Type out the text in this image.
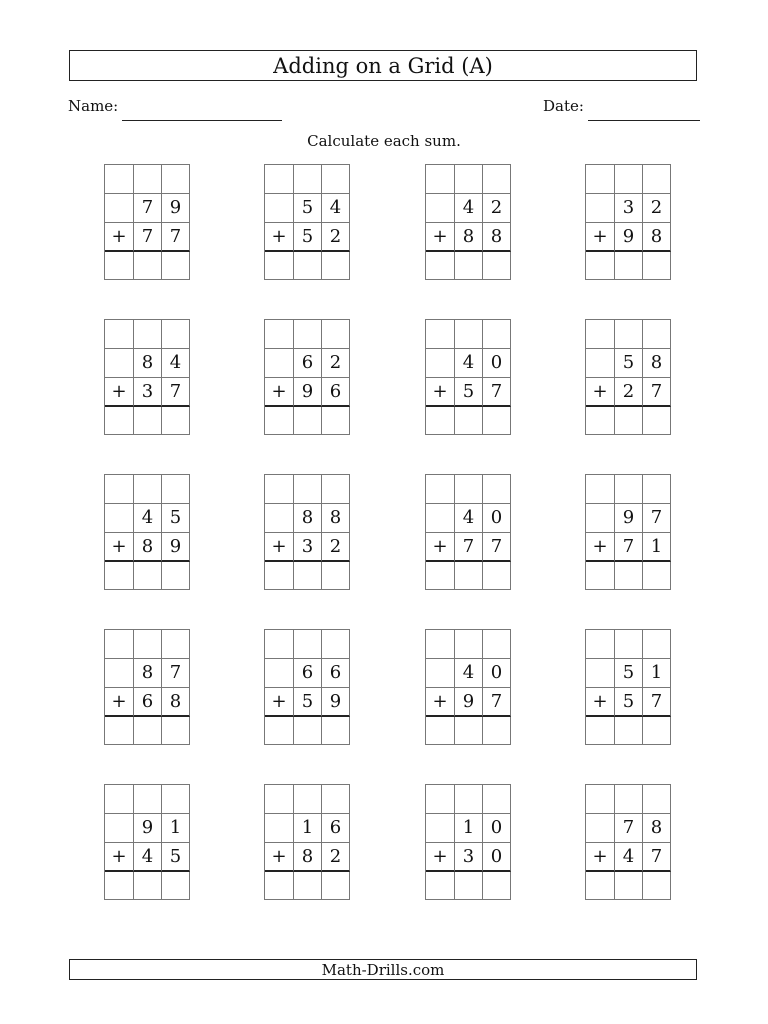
Adding on a Grid (A)
Name:	Date:
Calculate each sum.
7 9
+ 7 7
5 4
+ 5 2
4 2
+ 8 8
3 2
+ 9 8
8 4
+ 3 7
6 2
+ 9 6
4 0
+ 5 7
5 8
+ 2 7
4 5
+ 8 9
8 8
+ 3 2
4 0
+ 7 7
9 7
+ 7 1
8 7
+ 6 8
6 6
+ 5 9
4 0
+ 9 7
5 1
+ 5 7
9 1
+ 4 5
1 6
+ 8 2
1 0
+ 3 0
7 8
+ 4 7
Math-Drills.com
